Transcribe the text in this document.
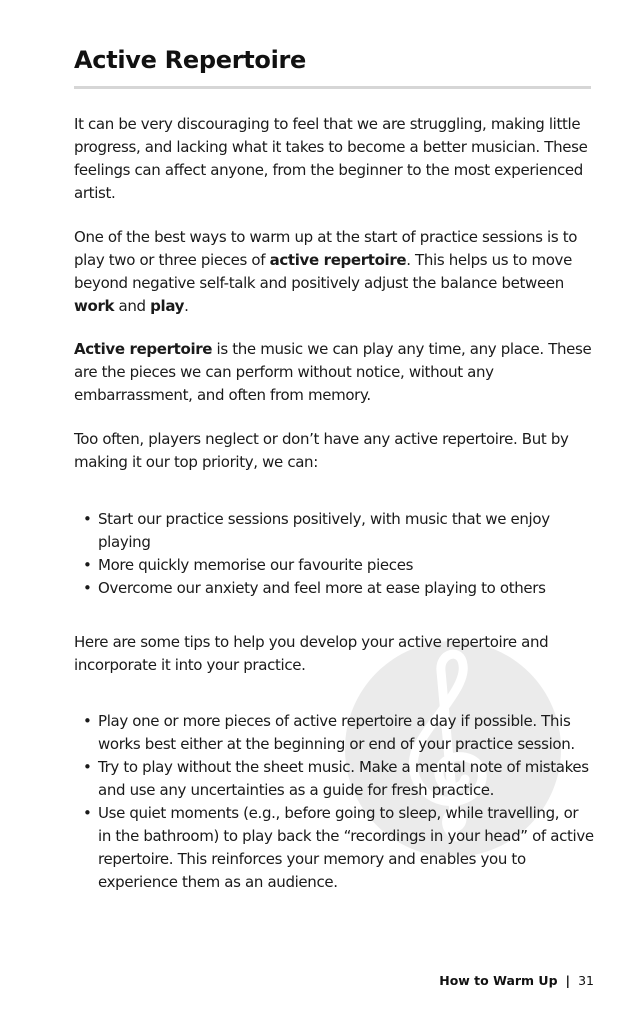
Active Repertoire

It can be very discouraging to feel that we are struggling, making little progress, and lacking what it takes to become a better musician. These feelings can affect anyone, from the beginner to the most experienced artist.

One of the best ways to warm up at the start of practice sessions is to play two or three pieces of active repertoire. This helps us to move beyond negative self-talk and positively adjust the balance between work and play.

Active repertoire is the music we can play any time, any place. These are the pieces we can perform without notice, without any embarrassment, and often from memory.

Too often, players neglect or don’t have any active repertoire. But by making it our top priority, we can:

• Start our practice sessions positively, with music that we enjoy playing
• More quickly memorise our favourite pieces
• Overcome our anxiety and feel more at ease playing to others

Here are some tips to help you develop your active repertoire and incorporate it into your practice.

• Play one or more pieces of active repertoire a day if possible. This works best either at the beginning or end of your practice session.
• Try to play without the sheet music. Make a mental note of mistakes and use any uncertainties as a guide for fresh practice.
• Use quiet moments (e.g., before going to sleep, while travelling, or in the bathroom) to play back the “recordings in your head” of active repertoire. This reinforces your memory and enables you to experience them as an audience.
How to Warm Up | 31
